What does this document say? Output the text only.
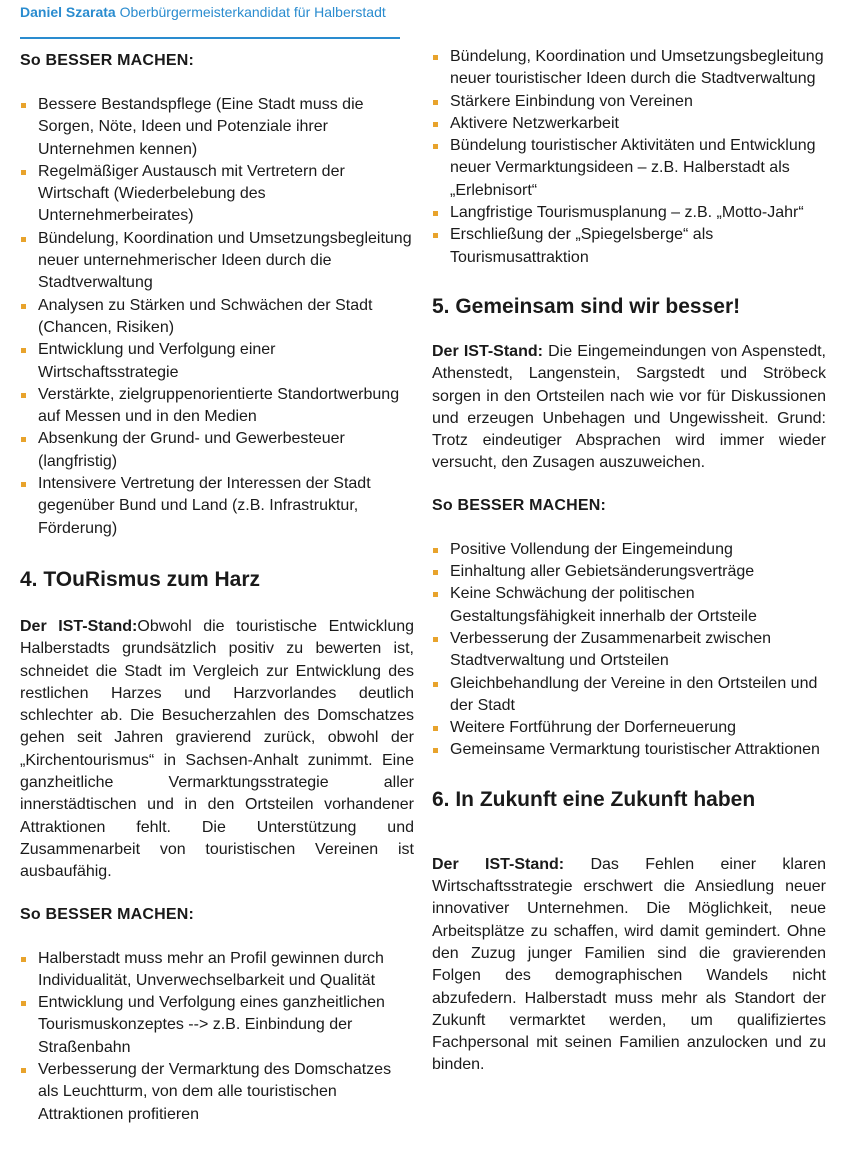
Daniel Szarata Oberbürgermeisterkandidat für Halberstadt
So BESSER MACHEN:
Bessere Bestandspflege (Eine Stadt muss die Sorgen, Nöte, Ideen und Potenziale ihrer Unternehmen kennen)
Regelmäßiger Austausch mit Vertretern der Wirtschaft (Wiederbelebung des Unternehmerbeirates)
Bündelung, Koordination und Umsetzungsbegleitung neuer unternehmerischer Ideen durch die Stadtverwaltung
Analysen zu Stärken und Schwächen der Stadt (Chancen, Risiken)
Entwicklung und Verfolgung einer Wirtschaftsstrategie
Verstärkte, zielgruppenorientierte Standortwerbung auf Messen und in den Medien
Absenkung der Grund- und Gewerbesteuer (langfristig)
Intensivere Vertretung der Interessen der Stadt gegenüber Bund und Land (z.B. Infrastruktur, Förderung)
4. TOuRismus zum Harz

Der IST-Stand:Obwohl die touristische Entwicklung Halberstadts grundsätzlich positiv zu bewerten ist, schneidet die Stadt im Vergleich zur Entwicklung des restlichen Harzes und Harzvorlandes deutlich schlechter ab. Die Besucherzahlen des Domschatzes gehen seit Jahren gravierend zurück, obwohl der „Kirchentourismus“ in Sachsen-Anhalt zunimmt. Eine ganzheitliche Vermarktungsstrategie aller innerstädtischen und in den Ortsteilen vorhandener Attraktionen fehlt. Die Unterstützung und Zusammenarbeit von touristischen Vereinen ist ausbaufähig.

So BESSER MACHEN:
Halberstadt muss mehr an Profil gewinnen durch Individualität, Unverwechselbarkeit und Qualität
Entwicklung und Verfolgung eines ganzheitlichen Tourismuskonzeptes --> z.B. Einbindung der Straßenbahn
Verbesserung der Vermarktung des Domschatzes als Leuchtturm, von dem alle touristischen Attraktionen profitieren
Bündelung, Koordination und Umsetzungsbegleitung neuer touristischer Ideen durch die Stadtverwaltung
Stärkere Einbindung von Vereinen
Aktivere Netzwerkarbeit
Bündelung touristischer Aktivitäten und Entwicklung neuer Vermarktungsideen – z.B. Halberstadt als „Erlebnisort“
Langfristige Tourismusplanung – z.B. „Motto-Jahr“
Erschließung der „Spiegelsberge“ als Tourismusattraktion
5. Gemeinsam sind wir besser!

Der IST-Stand: Die Eingemeindungen von Aspenstedt, Athenstedt, Langenstein, Sargstedt und Ströbeck sorgen in den Ortsteilen nach wie vor für Diskussionen und erzeugen Unbehagen und Ungewissheit. Grund: Trotz eindeutiger Absprachen wird immer wieder versucht, den Zusagen auszuweichen.

So BESSER MACHEN:
Positive Vollendung der Eingemeindung
Einhaltung aller Gebietsänderungsverträge
Keine Schwächung der politischen Gestaltungsfähigkeit innerhalb der Ortsteile
Verbesserung der Zusammenarbeit zwischen Stadtverwaltung und Ortsteilen
Gleichbehandlung der Vereine in den Ortsteilen und der Stadt
Weitere Fortführung der Dorferneuerung
Gemeinsame Vermarktung touristischer Attraktionen
6. In Zukunft eine Zukunft haben

Der IST-Stand: Das Fehlen einer klaren Wirtschaftsstrategie erschwert die Ansiedlung neuer innovativer Unternehmen. Die Möglichkeit, neue Arbeitsplätze zu schaffen, wird damit gemindert. Ohne den Zuzug junger Familien sind die gravierenden Folgen des demographischen Wandels nicht abzufedern. Halberstadt muss mehr als Standort der Zukunft vermarktet werden, um qualifiziertes Fachpersonal mit seinen Familien anzulocken und zu binden.
